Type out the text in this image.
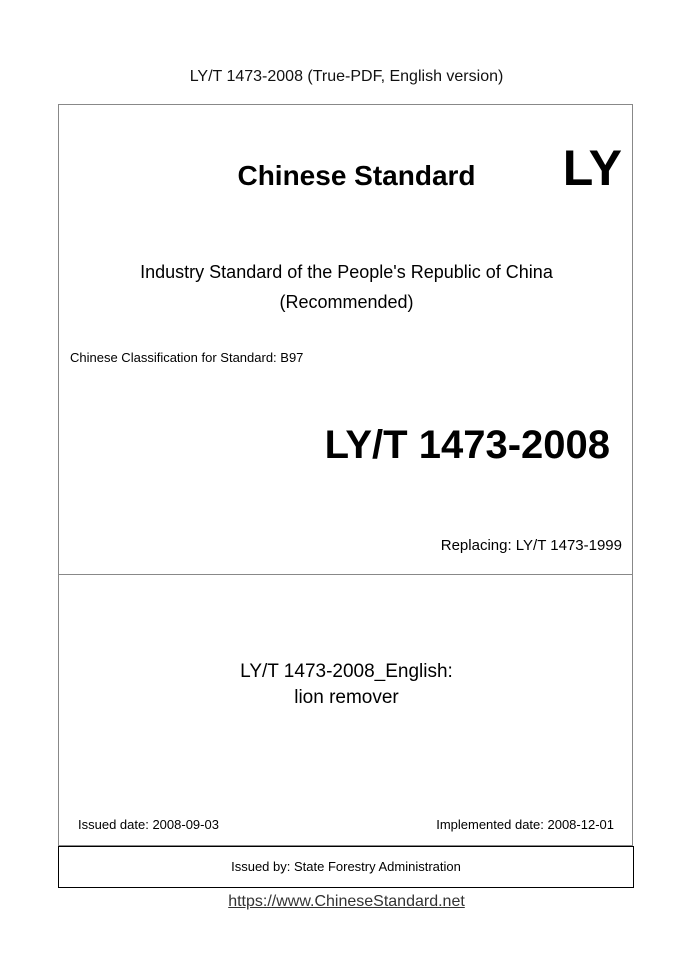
LY/T 1473-2008 (True-PDF, English version)
Chinese Standard	LY
Industry Standard of the People's Republic of China
(Recommended)
Chinese Classification for Standard: B97
LY/T 1473-2008
Replacing: LY/T 1473-1999
LY/T 1473-2008_English:
lion remover
Issued date: 2008-09-03	Implemented date: 2008-12-01
Issued by: State Forestry Administration
https://www.ChineseStandard.net
